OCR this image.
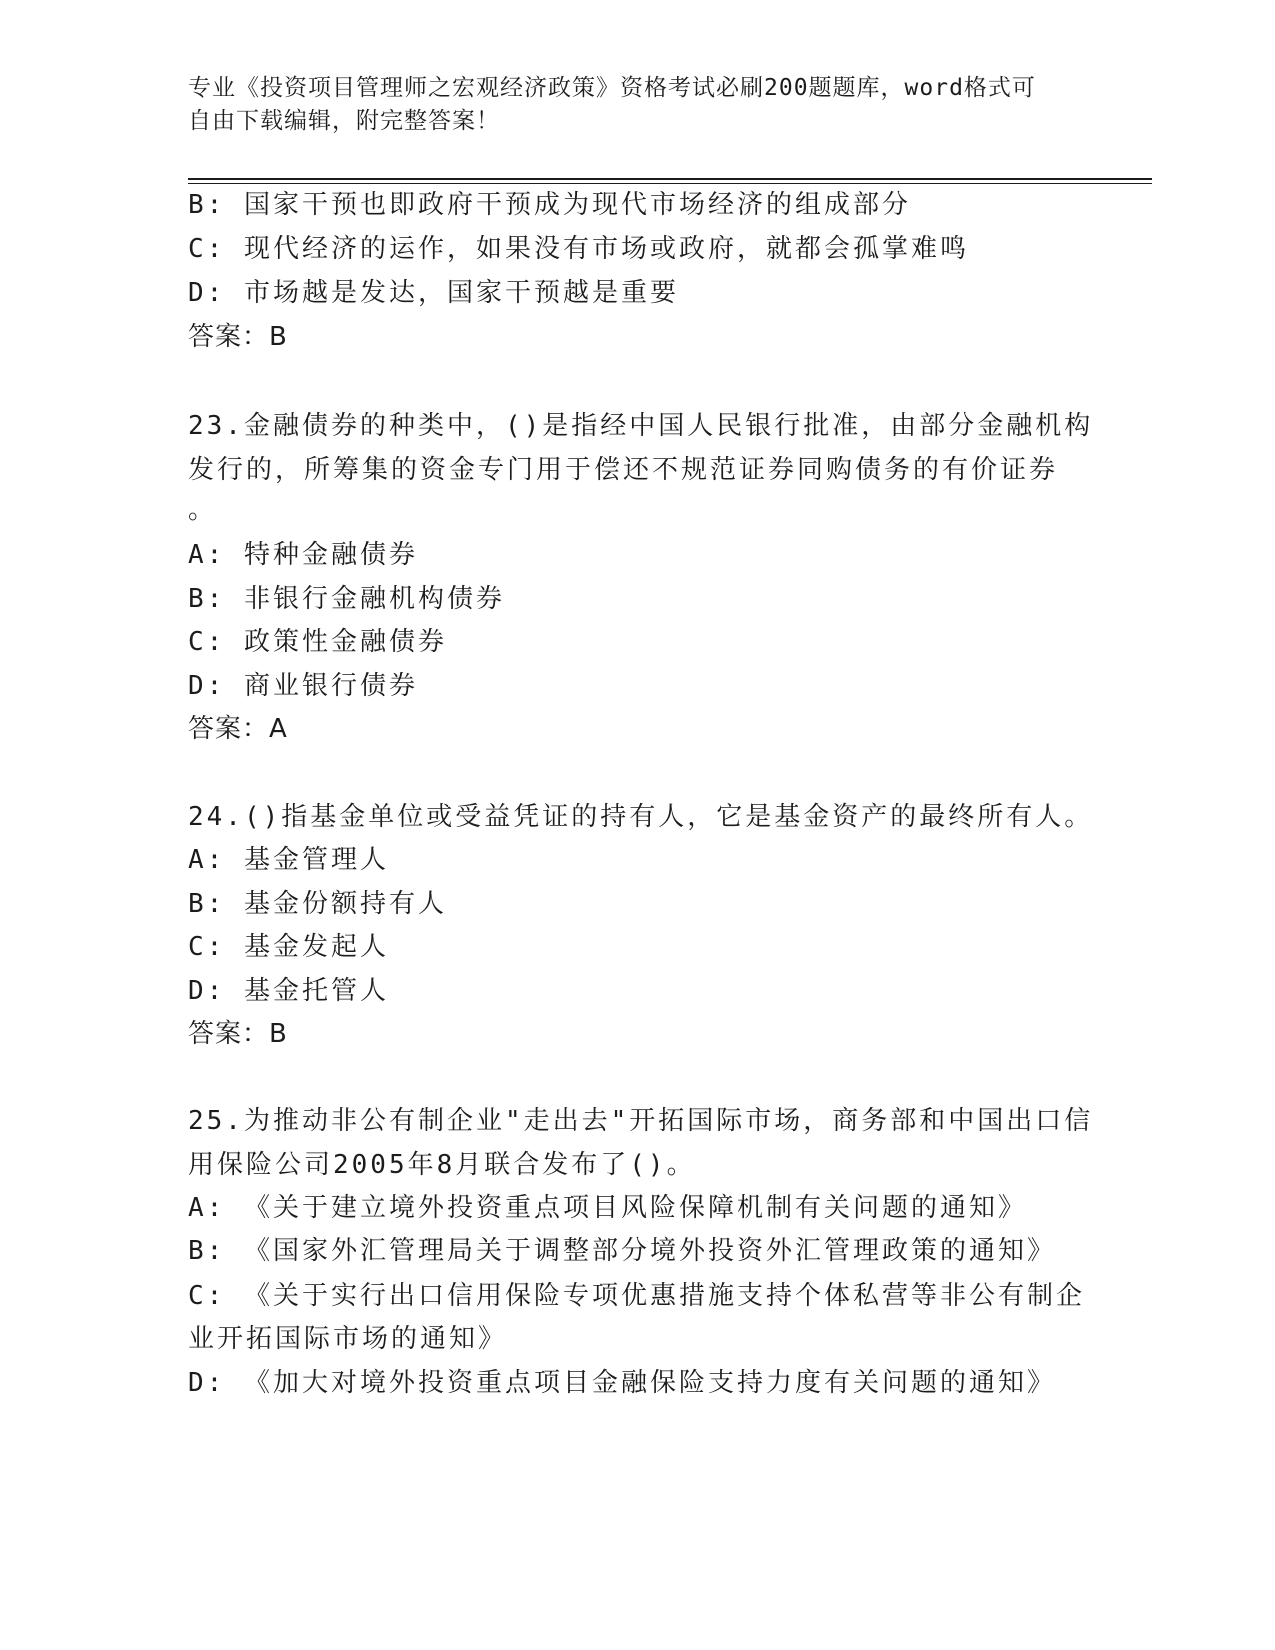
专业《投资项目管理师之宏观经济政策》资格考试必刷200题题库，word格式可
自由下载编辑，附完整答案！
B: 国家干预也即政府干预成为现代市场经济的组成部分
C: 现代经济的运作，如果没有市场或政府，就都会孤掌难鸣
D: 市场越是发达，国家干预越是重要
答案：B
23.金融债券的种类中，()是指经中国人民银行批准，由部分金融机构
发行的，所筹集的资金专门用于偿还不规范证券同购债务的有价证券
。
A: 特种金融债券
B: 非银行金融机构债券
C: 政策性金融债券
D: 商业银行债券
答案：A
24.()指基金单位或受益凭证的持有人，它是基金资产的最终所有人。
A: 基金管理人
B: 基金份额持有人
C: 基金发起人
D: 基金托管人
答案：B
25.为推动非公有制企业"走出去"开拓国际市场，商务部和中国出口信
用保险公司2005年8月联合发布了()。
A: 《关于建立境外投资重点项目风险保障机制有关问题的通知》
B: 《国家外汇管理局关于调整部分境外投资外汇管理政策的通知》
C: 《关于实行出口信用保险专项优惠措施支持个体私营等非公有制企
业开拓国际市场的通知》
D: 《加大对境外投资重点项目金融保险支持力度有关问题的通知》
